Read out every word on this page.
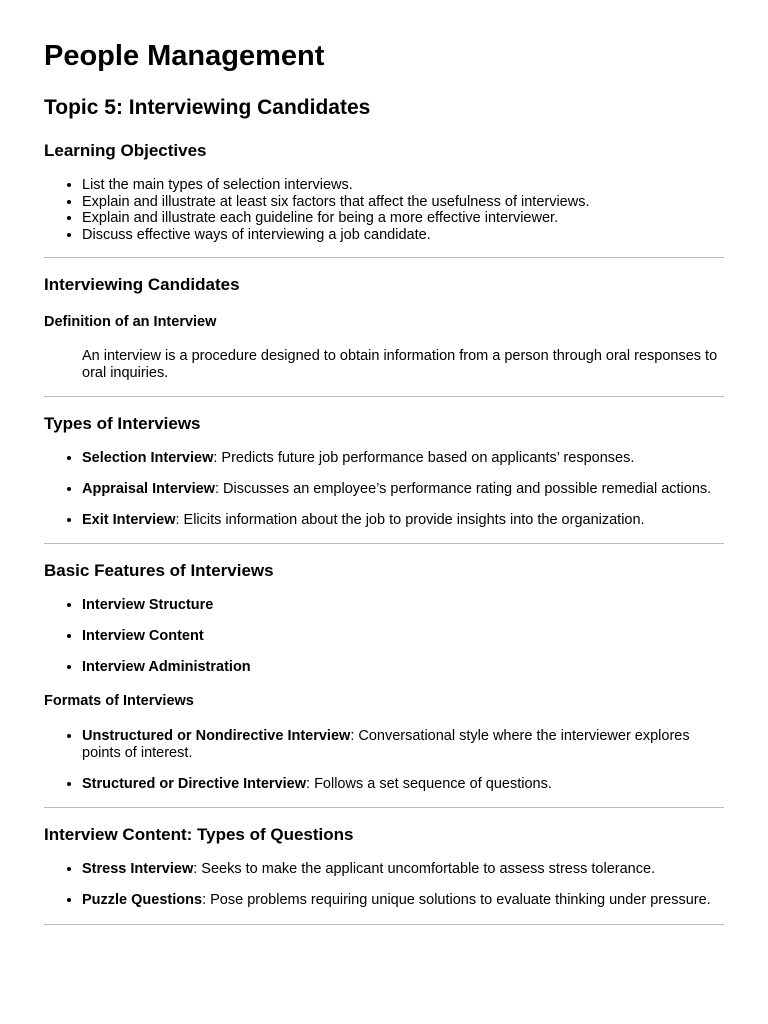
People Management
Topic 5: Interviewing Candidates
Learning Objectives
• List the main types of selection interviews.
• Explain and illustrate at least six factors that affect the usefulness of interviews.
• Explain and illustrate each guideline for being a more effective interviewer.
• Discuss effective ways of interviewing a job candidate.
Interviewing Candidates
Definition of an Interview

An interview is a procedure designed to obtain information from a person through oral responses to oral inquiries.

Types of Interviews
• Selection Interview: Predicts future job performance based on applicants’ responses.
• Appraisal Interview: Discusses an employee’s performance rating and possible remedial actions.
• Exit Interview: Elicits information about the job to provide insights into the organization.
Basic Features of Interviews
• Interview Structure
• Interview Content
• Interview Administration
Formats of Interviews
• Unstructured or Nondirective Interview: Conversational style where the interviewer explores points of interest.
• Structured or Directive Interview: Follows a set sequence of questions.
Interview Content: Types of Questions
• Stress Interview: Seeks to make the applicant uncomfortable to assess stress tolerance.
• Puzzle Questions: Pose problems requiring unique solutions to evaluate thinking under pressure.
